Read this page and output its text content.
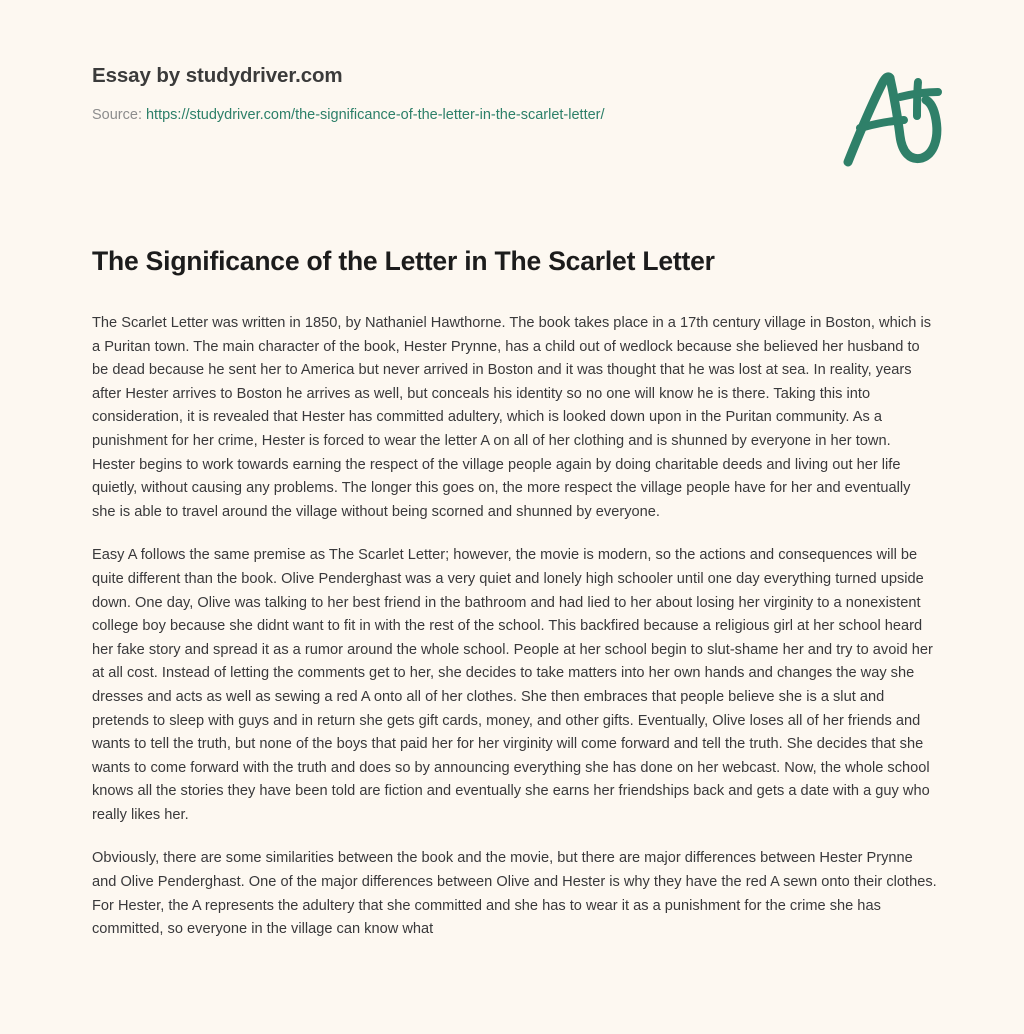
Essay by studydriver.com
Source: https://studydriver.com/the-significance-of-the-letter-in-the-scarlet-letter/
The Significance of the Letter in The Scarlet Letter

The Scarlet Letter was written in 1850, by Nathaniel Hawthorne. The book takes place in a 17th century village in Boston, which is a Puritan town. The main character of the book, Hester Prynne, has a child out of wedlock because she believed her husband to be dead because he sent her to America but never arrived in Boston and it was thought that he was lost at sea. In reality, years after Hester arrives to Boston he arrives as well, but conceals his identity so no one will know he is there. Taking this into consideration, it is revealed that Hester has committed adultery, which is looked down upon in the Puritan community. As a punishment for her crime, Hester is forced to wear the letter A on all of her clothing and is shunned by everyone in her town. Hester begins to work towards earning the respect of the village people again by doing charitable deeds and living out her life quietly, without causing any problems. The longer this goes on, the more respect the village people have for her and eventually she is able to travel around the village without being scorned and shunned by everyone.

Easy A follows the same premise as The Scarlet Letter; however, the movie is modern, so the actions and consequences will be quite different than the book. Olive Penderghast was a very quiet and lonely high schooler until one day everything turned upside down. One day, Olive was talking to her best friend in the bathroom and had lied to her about losing her virginity to a nonexistent college boy because she didnt want to fit in with the rest of the school. This backfired because a religious girl at her school heard her fake story and spread it as a rumor around the whole school. People at her school begin to slut-shame her and try to avoid her at all cost. Instead of letting the comments get to her, she decides to take matters into her own hands and changes the way she dresses and acts as well as sewing a red A onto all of her clothes. She then embraces that people believe she is a slut and pretends to sleep with guys and in return she gets gift cards, money, and other gifts. Eventually, Olive loses all of her friends and wants to tell the truth, but none of the boys that paid her for her virginity will come forward and tell the truth. She decides that she wants to come forward with the truth and does so by announcing everything she has done on her webcast. Now, the whole school knows all the stories they have been told are fiction and eventually she earns her friendships back and gets a date with a guy who really likes her.

Obviously, there are some similarities between the book and the movie, but there are major differences between Hester Prynne and Olive Penderghast. One of the major differences between Olive and Hester is why they have the red A sewn onto their clothes. For Hester, the A represents the adultery that she committed and she has to wear it as a punishment for the crime she has committed, so everyone in the village can know what
